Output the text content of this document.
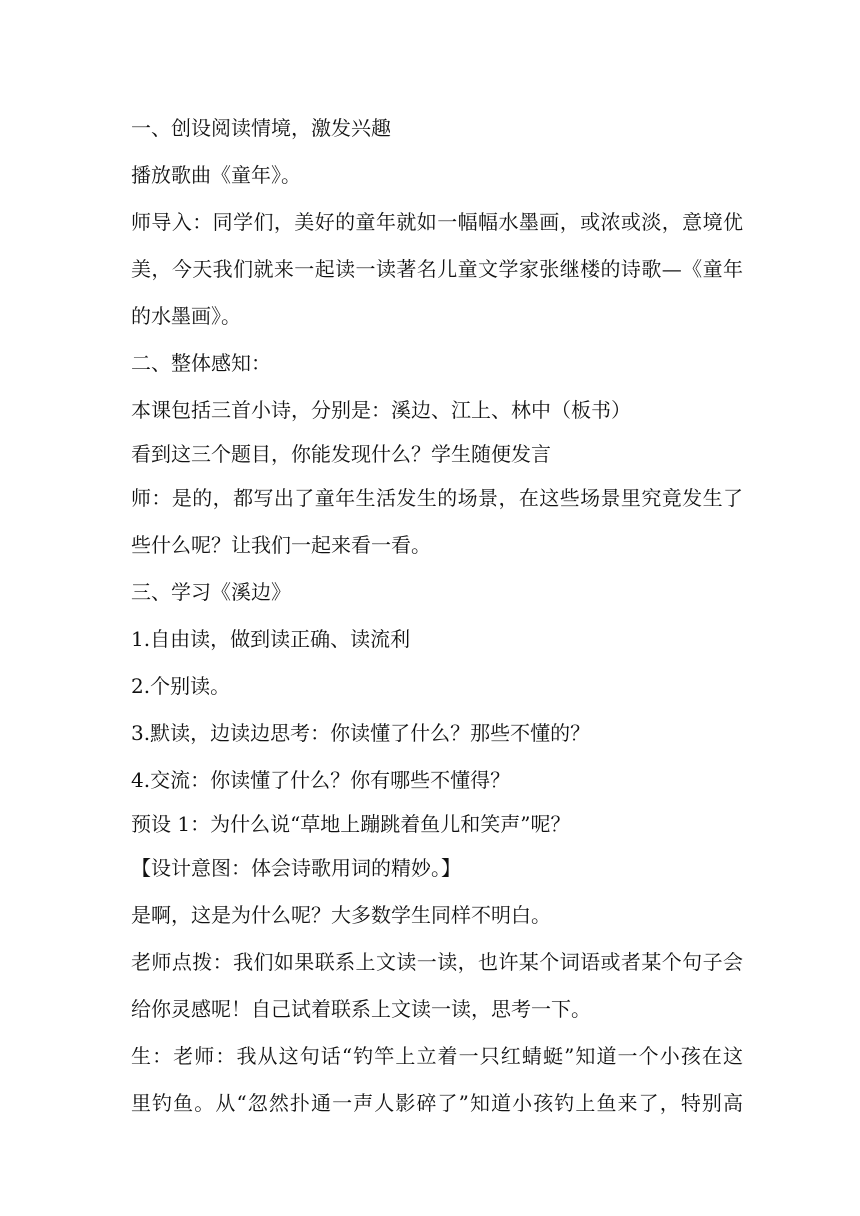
一、创设阅读情境，激发兴趣

播放歌曲《童年》。

师导入：同学们，美好的童年就如一幅幅水墨画，或浓或淡，意境优

美，今天我们就来一起读一读著名儿童文学家张继楼的诗歌—《童年

的水墨画》。

二、整体感知：

本课包括三首小诗，分别是：溪边、江上、林中（板书）

看到这三个题目，你能发现什么？学生随便发言

师：是的，都写出了童年生活发生的场景，在这些场景里究竟发生了

些什么呢？让我们一起来看一看。

三、学习《溪边》

1.自由读，做到读正确、读流利

2.个别读。

3.默读，边读边思考：你读懂了什么？那些不懂的？

4.交流：你读懂了什么？你有哪些不懂得？

预设 1：为什么说“草地上蹦跳着鱼儿和笑声”呢？

【设计意图：体会诗歌用词的精妙。】

是啊，这是为什么呢？大多数学生同样不明白。

老师点拨：我们如果联系上文读一读，也许某个词语或者某个句子会

给你灵感呢！自己试着联系上文读一读，思考一下。

生：老师：我从这句话“钓竿上立着一只红蜻蜓”知道一个小孩在这

里钓鱼。从“忽然扑通一声人影碎了”知道小孩钓上鱼来了，特别高
